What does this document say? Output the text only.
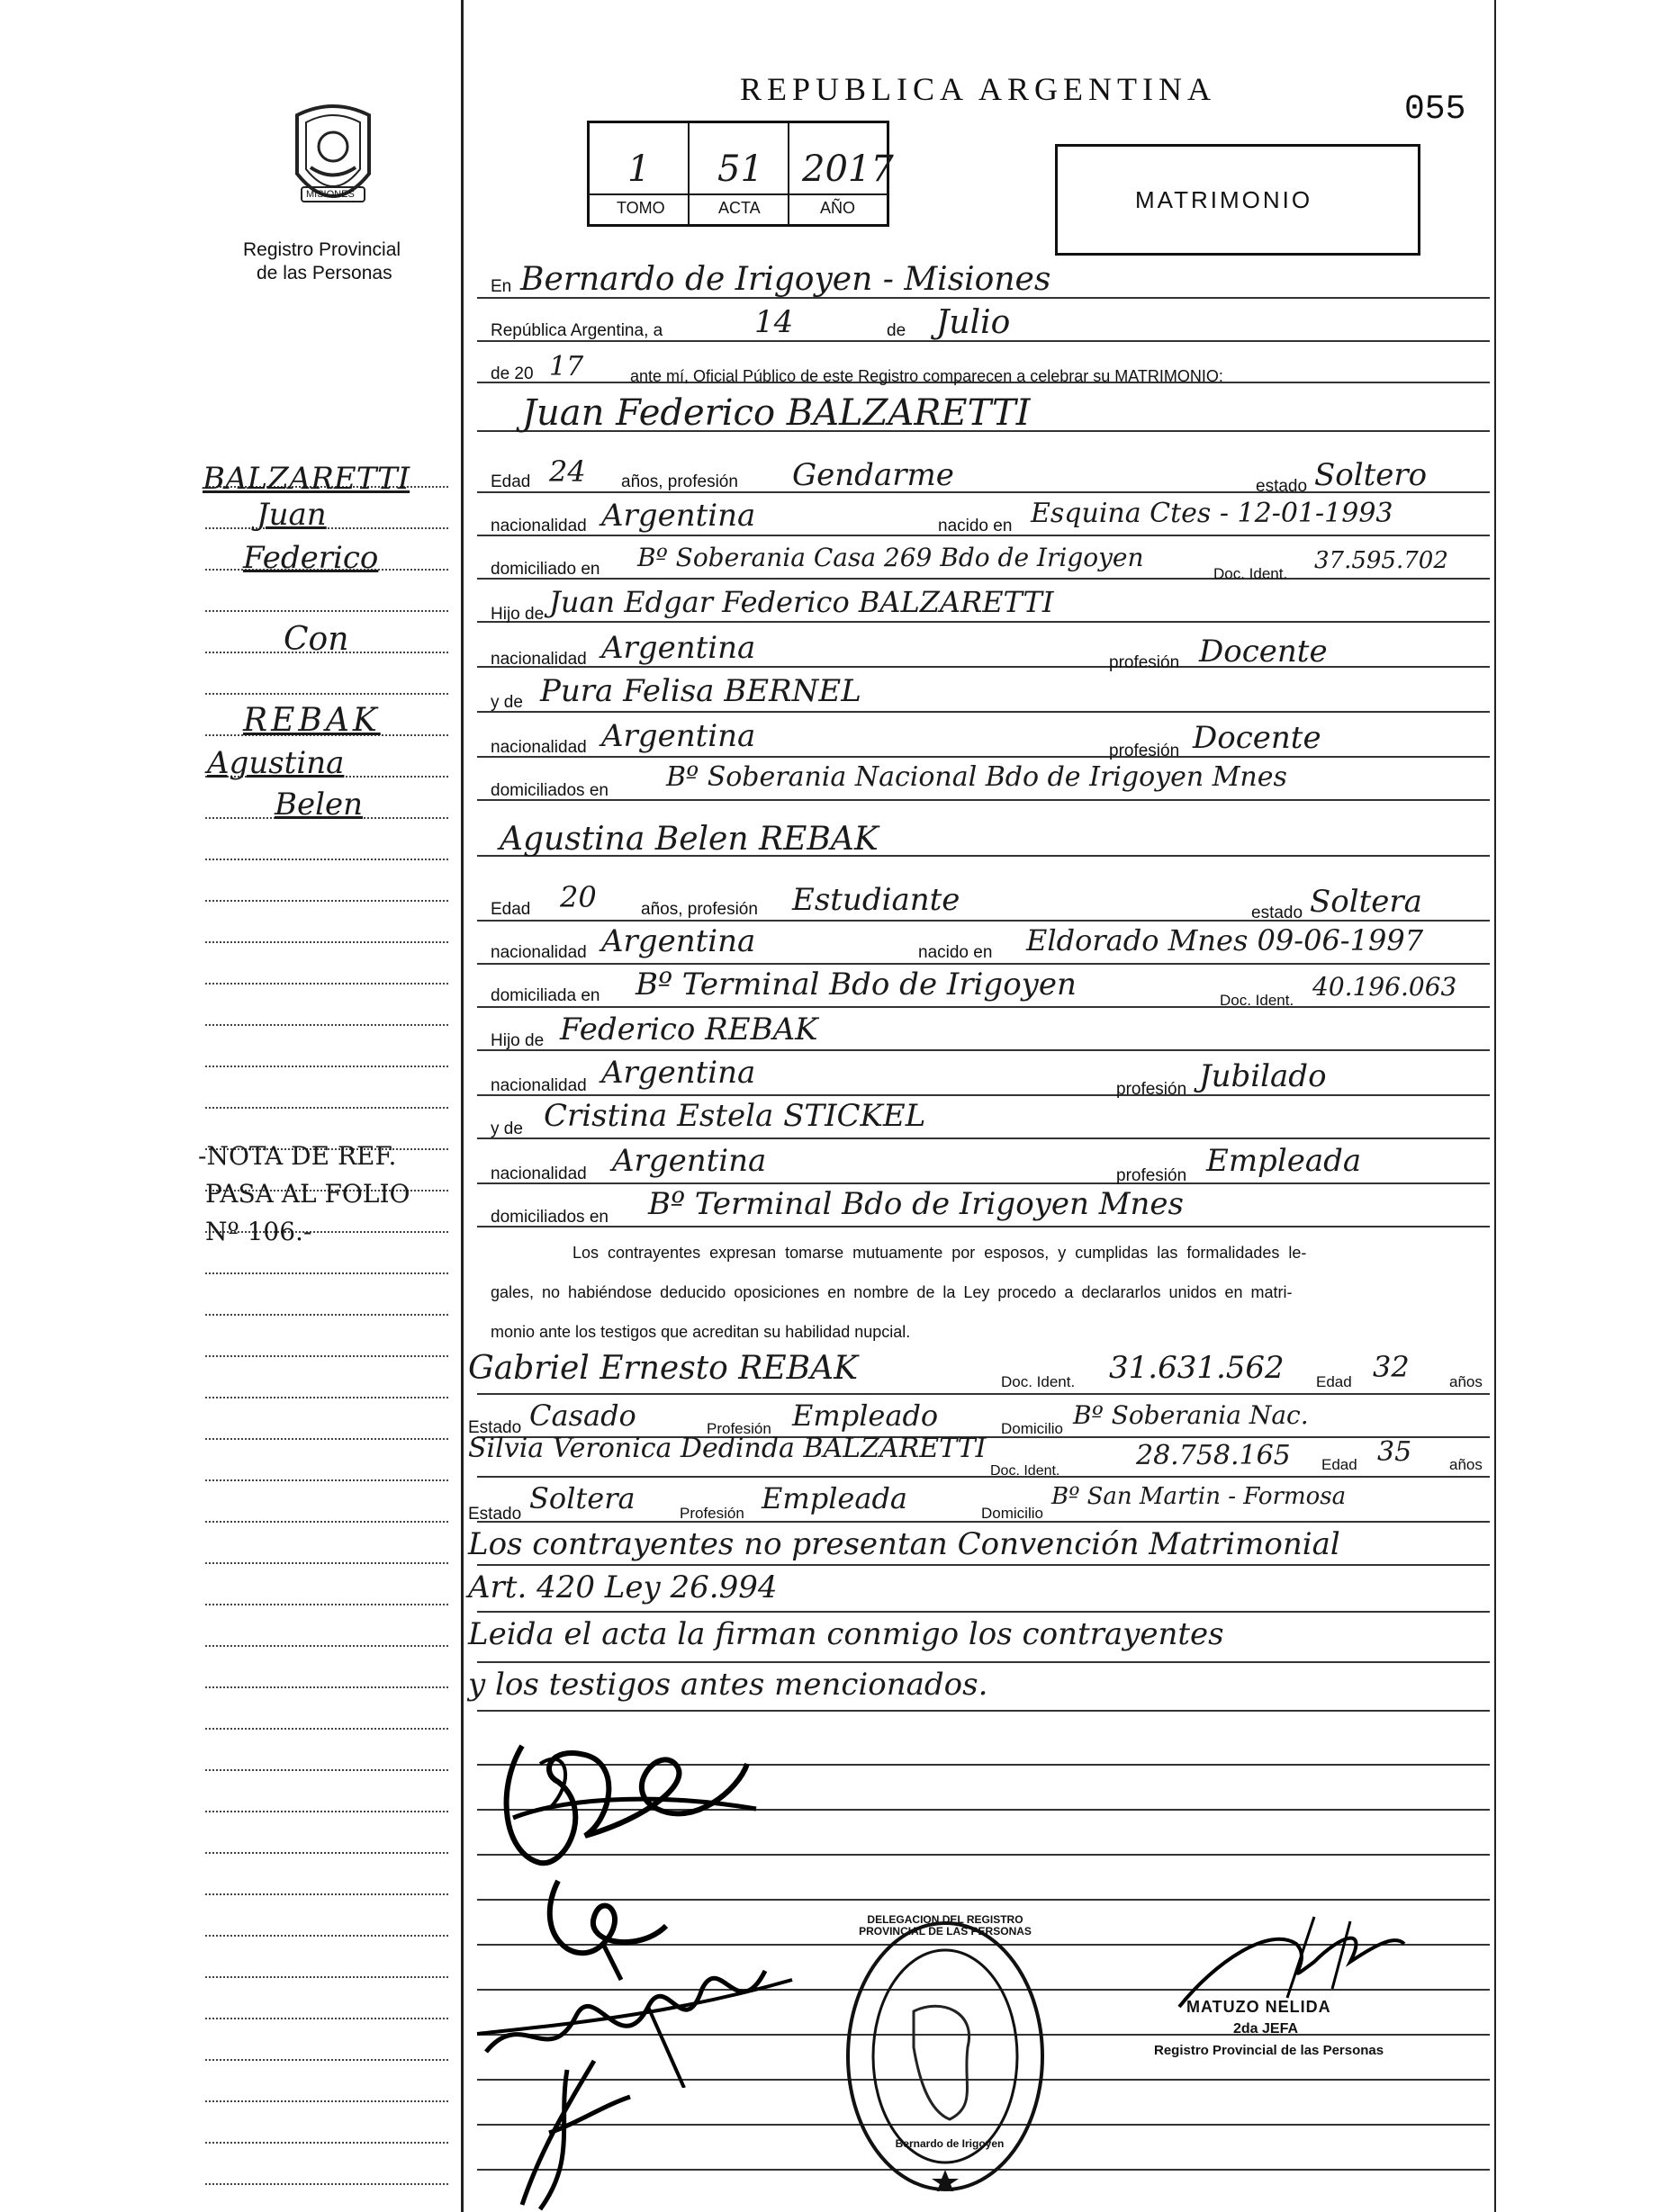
MISIONES
Registro Provincial
de las Personas
BALZARETTI
Juan
Federico
Con
REBAK
Agustina
Belen
-NOTA DE REF.
PASA AL FOLIO
Nº 106.-
REPUBLICA ARGENTINA
055
1 51 2017
TOMO	ACTA	AÑO	MATRIMONIO
En Bernardo de Irigoyen - Misiones
República Argentina, a	14	de Julio
de 20 17	ante mí, Oficial Público de este Registro comparecen a celebrar su MATRIMONIO:
Juan Federico BALZARETTI
Edad 24 años, profesión Gendarme	estado Soltero
nacionalidad Argentina	nacido en Esquina Ctes - 12-01-1993
domiciliado en Bº Soberania Casa 269 Bdo de Irigoyen
Doc. Ident. 37.595.702
Hijo de Juan Edgar Federico BALZARETTI
nacionalidad Argentina	profesión Docente
y de Pura Felisa BERNEL
nacionalidad Argentina	profesión Docente
domiciliados en Bº Soberania Nacional Bdo de Irigoyen Mnes
Agustina Belen REBAK
Edad 20	años, profesión Estudiante	estado Soltera
nacionalidad Argentina	nacido en Eldorado Mnes 09-06-1997
domiciliada en Bº Terminal Bdo de Irigoyen	Doc. Ident. 40.196.063
Hijo de Federico REBAK
nacionalidad Argentina	profesión Jubilado
y de Cristina Estela STICKEL
nacionalidad Argentina	profesión Empleada
domiciliados en Bº Terminal Bdo de Irigoyen Mnes
Los contrayentes expresan tomarse mutuamente por esposos, y cumplidas las formalidades le-
gales, no habiéndose deducido oposiciones en nombre de la Ley procedo a declararlos unidos en matri-
monio ante los testigos que acreditan su habilidad nupcial.
Gabriel Ernesto REBAK	Doc. Ident. 31.631.562 Edad 32	años
Estado Casado	Profesión Empleado	Domicilio Bº Soberania Nac.
Silvia Veronica Dedinda BALZARETTI
Doc. Ident.	28.758.165 Edad 35 años
Estado Soltera	Profesión Empleada	Domicilio
Bº San Martin - Formosa
Los contrayentes no presentan Convención Matrimonial
Art. 420 Ley 26.994
Leida el acta la firman conmigo los contrayentes
y los testigos antes mencionados.
DELEGACION DEL REGISTRO PROVINCIAL DE LAS PERSONAS
Bernardo de Irigoyen
MATUZO NELIDA
2da JEFA
Registro Provincial de las Personas
